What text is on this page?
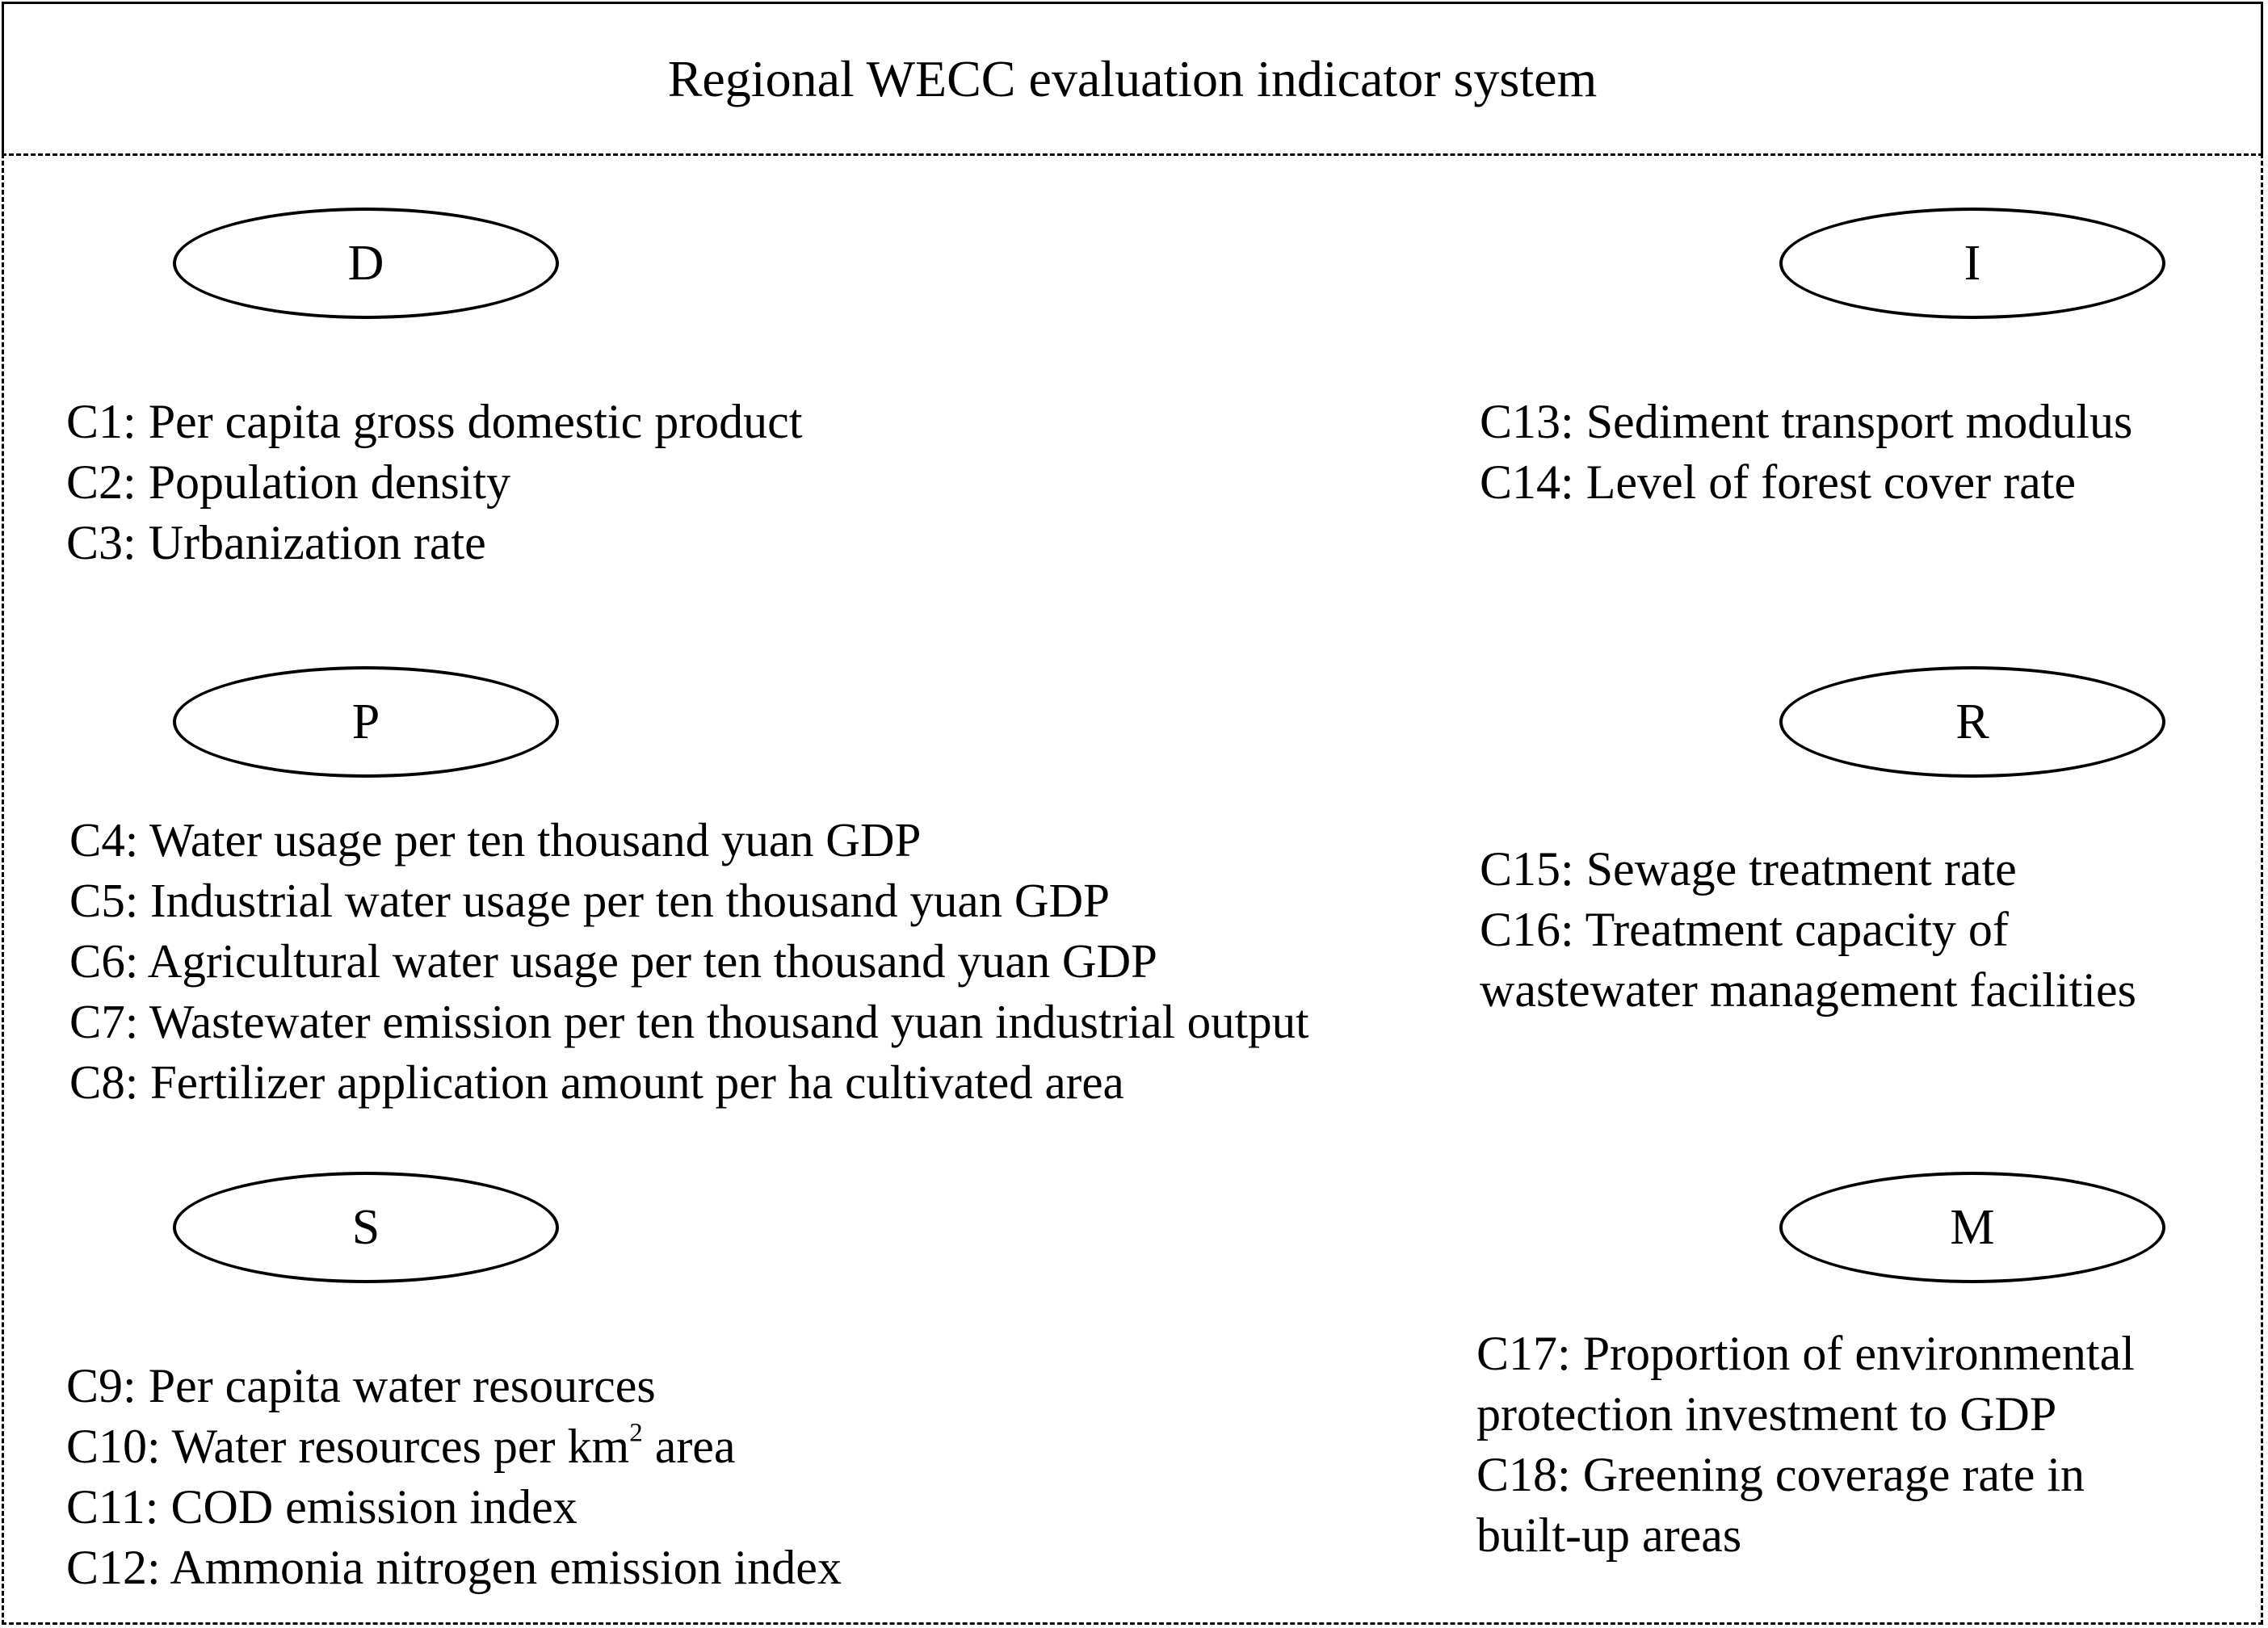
Regional WECC evaluation indicator system
D
C1: Per capita gross domestic product
C2: Population density
C3: Urbanization rate
I
C13: Sediment transport modulus
C14: Level of forest cover rate
P
C4: Water usage per ten thousand yuan GDP
C5: Industrial water usage per ten thousand yuan GDP
C6: Agricultural water usage per ten thousand yuan GDP
C7: Wastewater emission per ten thousand yuan industrial output
C8: Fertilizer application amount per ha cultivated area
R
C15: Sewage treatment rate
C16: Treatment capacity of
wastewater management facilities
S
C9: Per capita water resources
C10: Water resources per $km^2$ area
C11: COD emission index
C12: Ammonia nitrogen emission index
M
C17: Proportion of environmental
protection investment to GDP
C18: Greening coverage rate in
built-up areas
